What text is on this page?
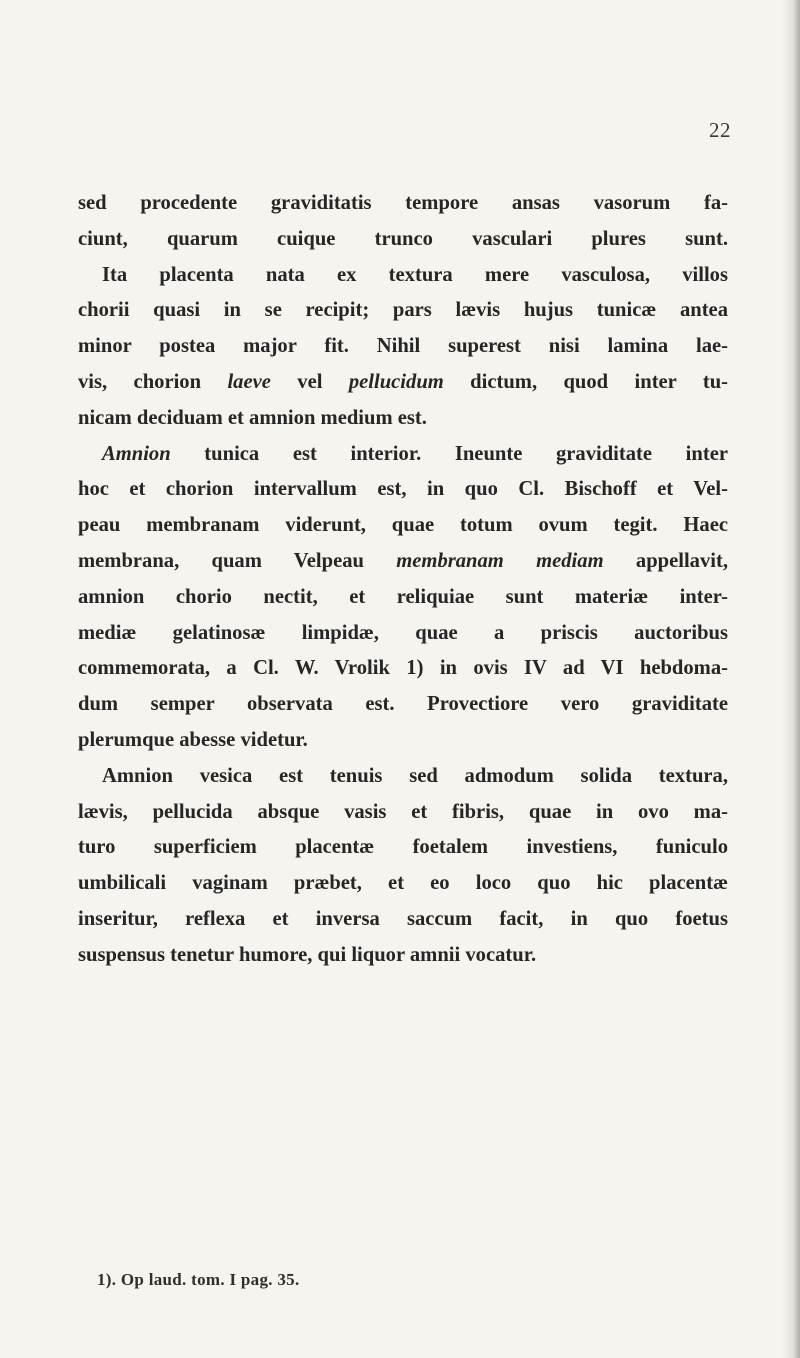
22
sed procedente graviditatis tempore ansas vasorum fa-
ciunt, quarum cuique trunco vasculari plures sunt.
Ita placenta nata ex textura mere vasculosa, villos
chorii quasi in se recipit; pars lævis hujus tunicæ antea
minor postea major fit. Nihil superest nisi lamina lae-
vis, chorion laeve vel pellucidum dictum, quod inter tu-
nicam deciduam et amnion medium est.
Amnion tunica est interior. Ineunte graviditate inter
hoc et chorion intervallum est, in quo Cl. Bischoff et Vel-
peau membranam viderunt, quae totum ovum tegit. Haec
membrana, quam Velpeau membranam mediam appellavit,
amnion chorio nectit, et reliquiae sunt materiæ inter-
mediæ gelatinosæ limpidæ, quae a priscis auctoribus
commemorata, a Cl. W. Vrolik 1) in ovis IV ad VI hebdoma-
dum semper observata est. Provectiore vero graviditate
plerumque abesse videtur.
Amnion vesica est tenuis sed admodum solida textura,
lævis, pellucida absque vasis et fibris, quae in ovo ma-
turo superficiem placentæ foetalem investiens, funiculo
umbilicali vaginam præbet, et eo loco quo hic placentæ
inseritur, reflexa et inversa saccum facit, in quo foetus
suspensus tenetur humore, qui liquor amnii vocatur.
1). Op laud. tom. I pag. 35.
